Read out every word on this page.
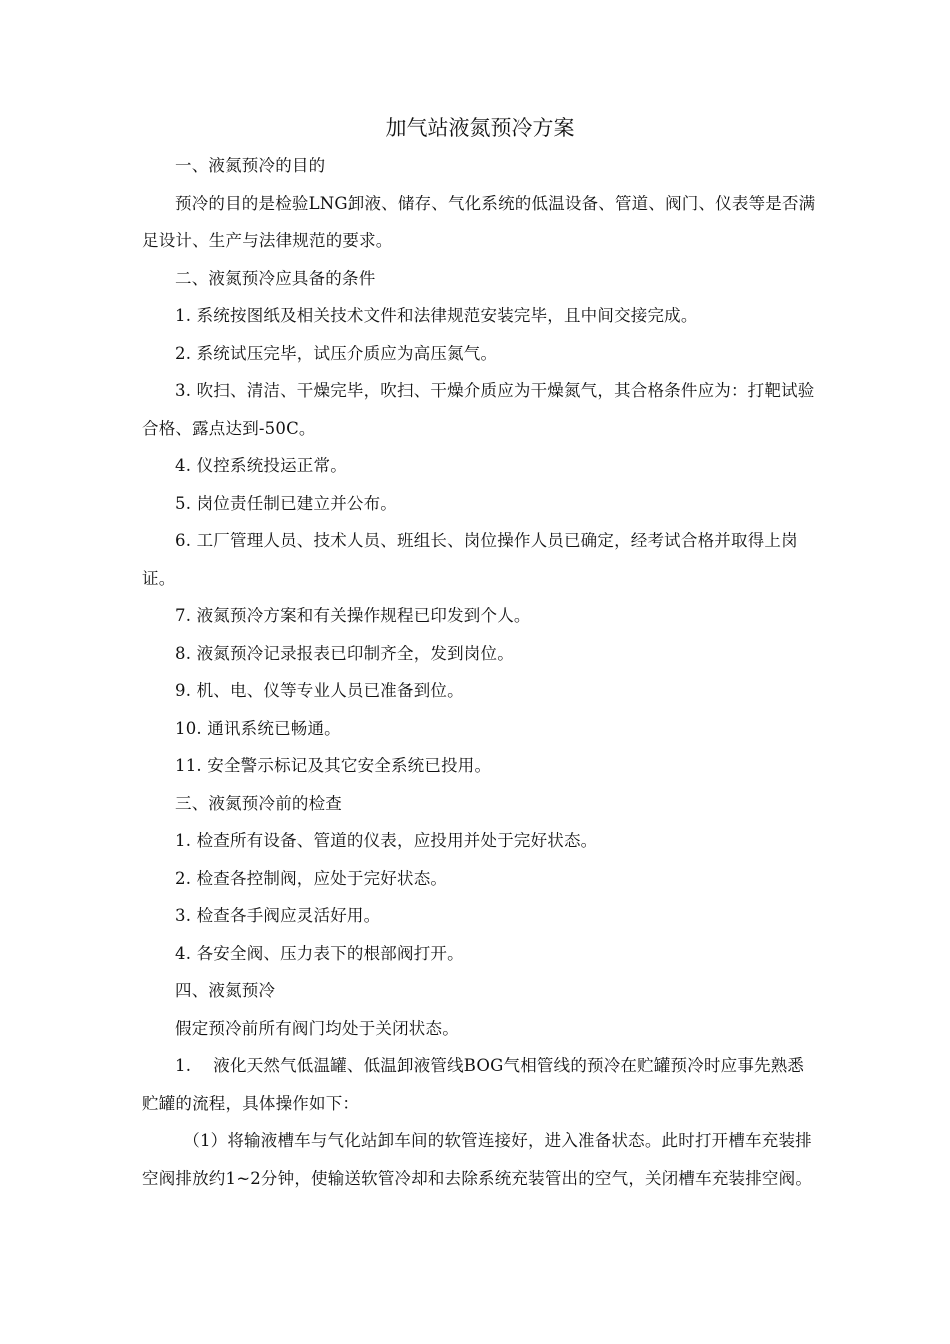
加气站液氮预冷方案

一、液氮预冷的目的

预冷的目的是检验LNG卸液、储存、气化系统的低温设备、管道、阀门、仪表等是否满足设计、生产与法律规范的要求。

二、液氮预冷应具备的条件

1. 系统按图纸及相关技术文件和法律规范安装完毕，且中间交接完成。

2. 系统试压完毕，试压介质应为高压氮气。

3. 吹扫、清洁、干燥完毕，吹扫、干燥介质应为干燥氮气，其合格条件应为：打靶试验合格、露点达到-50C。

4. 仪控系统投运正常。

5. 岗位责任制已建立并公布。

6. 工厂管理人员、技术人员、班组长、岗位操作人员已确定，经考试合格并取得上岗证。

7. 液氮预冷方案和有关操作规程已印发到个人。

8. 液氮预冷记录报表已印制齐全，发到岗位。

9. 机、电、仪等专业人员已准备到位。

10. 通讯系统已畅通。

11. 安全警示标记及其它安全系统已投用。

三、液氮预冷前的检查

1. 检查所有设备、管道的仪表，应投用并处于完好状态。

2. 检查各控制阀，应处于完好状态。

3. 检查各手阀应灵活好用。

4. 各安全阀、压力表下的根部阀打开。

四、液氮预冷

假定预冷前所有阀门均处于关闭状态。

1.　 液化天然气低温罐、低温卸液管线BOG气相管线的预冷在贮罐预冷时应事先熟悉贮罐的流程，具体操作如下：

（1）将输液槽车与气化站卸车间的软管连接好，进入准备状态。此时打开槽车充装排空阀排放约1~2分钟，使输送软管冷却和去除系统充装管出的空气，关闭槽车充装排空阀。
